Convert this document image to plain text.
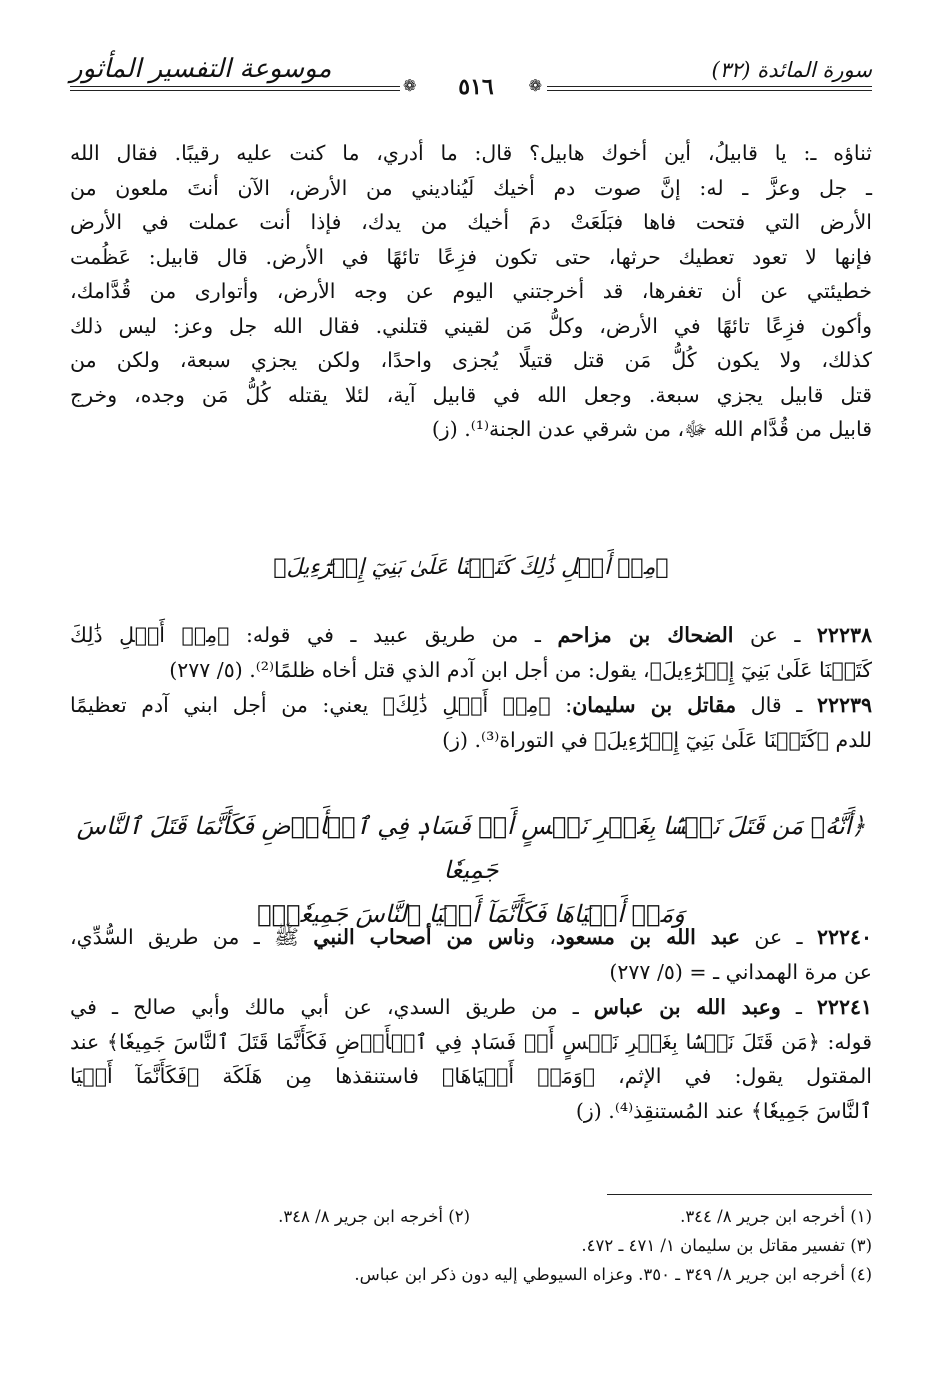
سورة المائدة (٣٢)
❁
٥١٦
❁
موسوعة التفسير المأثور
ثناؤه ـ: يا قابيلُ، أين أخوك هابيل؟ قال: ما أدري، ما كنت عليه رقيبًا. فقال الله
ـ جل وعزَّ ـ له: إنَّ صوت دم أخيك لَيُناديني من الأرض، الآن أنتَ ملعون من
الأرض التي فتحت فاها فبَلَعَتْ دمَ أخيك من يدك، فإذا أنت عملت في الأرض
فإنها لا تعود تعطيك حرثها، حتى تكون فزِعًا تائهًا في الأرض. قال قابيل: عَظُمت
خطيئتي عن أن تغفرها، قد أخرجتني اليوم عن وجه الأرض، وأتوارى من قُدَّامك،
وأكون فزِعًا تائهًا في الأرض، وكلُّ مَن لقيني قتلني. فقال الله جل وعز: ليس ذلك
كذلك، ولا يكون كُلُّ مَن قتل قتيلًا يُجزى واحدًا، ولكن يجزي سبعة، ولكن من
قتل قابيل يجزي سبعة. وجعل الله في قابيل آية، لئلا يقتله كُلُّ مَن وجده، وخرج
قابيل من قُدَّام الله ﷻ، من شرقي عدن الجنة⁽¹⁾. (ز)

﴿مِنۡ أَجۡلِ ذَٰلِكَ كَتَبۡنَا عَلَىٰ بَنِيٓ إِسۡرَٰٓءِيلَ﴾

٢٢٢٣٨ ـ عن الضحاك بن مزاحم ـ من طريق عبيد ـ في قوله: ﴿مِنۡ أَجۡلِ ذَٰلِكَ
كَتَبۡنَا عَلَىٰ بَنِيٓ إِسۡرَٰٓءِيلَ﴾، يقول: من أجل ابن آدم الذي قتل أخاه ظلمًا⁽²⁾. (٥/ ٢٧٧)
٢٢٢٣٩ ـ قال مقاتل بن سليمان: ﴿مِنۡ أَجۡلِ ذَٰلِكَ﴾ يعني: من أجل ابني آدم تعظيمًا
للدم ﴿كَتَبۡنَا عَلَىٰ بَنِيٓ إِسۡرَٰٓءِيلَ﴾ في التوراة⁽³⁾. (ز)
﴿أَنَّهُۥ مَن قَتَلَ نَفۡسَۢا بِغَيۡرِ نَفۡسٍ أَوۡ فَسَادٖ فِي ٱلۡأَرۡضِ فَكَأَنَّمَا قَتَلَ ٱلنَّاسَ جَمِيعٗا
وَمَنۡ أَحۡيَاهَا فَكَأَنَّمَآ أَحۡيَا ٱلنَّاسَ جَمِيعٗاۚ﴾
٢٢٢٤٠ ـ عن عبد الله بن مسعود، وناس من أصحاب النبي ﷺ ـ من طريق السُّدِّي،
عن مرة الهمداني ـ = (٥/ ٢٧٧)
٢٢٢٤١ ـ وعبد الله بن عباس ـ من طريق السدي، عن أبي مالك وأبي صالح ـ في
قوله: ﴿مَن قَتَلَ نَفۡسَۢا بِغَيۡرِ نَفۡسٍ أَوۡ فَسَادٖ فِي ٱلۡأَرۡضِ فَكَأَنَّمَا قَتَلَ ٱلنَّاسَ جَمِيعٗا﴾ عند
المقتول يقول: في الإثم، ﴿وَمَنۡ أَحۡيَاهَا﴾ فاستنقذها مِن هَلَكَة ﴿فَكَأَنَّمَآ أَحۡيَا
ٱلنَّاسَ جَمِيعٗا﴾ عند المُستنقِذ⁽⁴⁾. (ز)
(١) أخرجه ابن جرير ٨/ ٣٤٤.
(٢) أخرجه ابن جرير ٨/ ٣٤٨.
(٣) تفسير مقاتل بن سليمان ١/ ٤٧١ ـ ٤٧٢.
(٤) أخرجه ابن جرير ٨/ ٣٤٩ ـ ٣٥٠. وعزاه السيوطي إليه دون ذكر ابن عباس.
